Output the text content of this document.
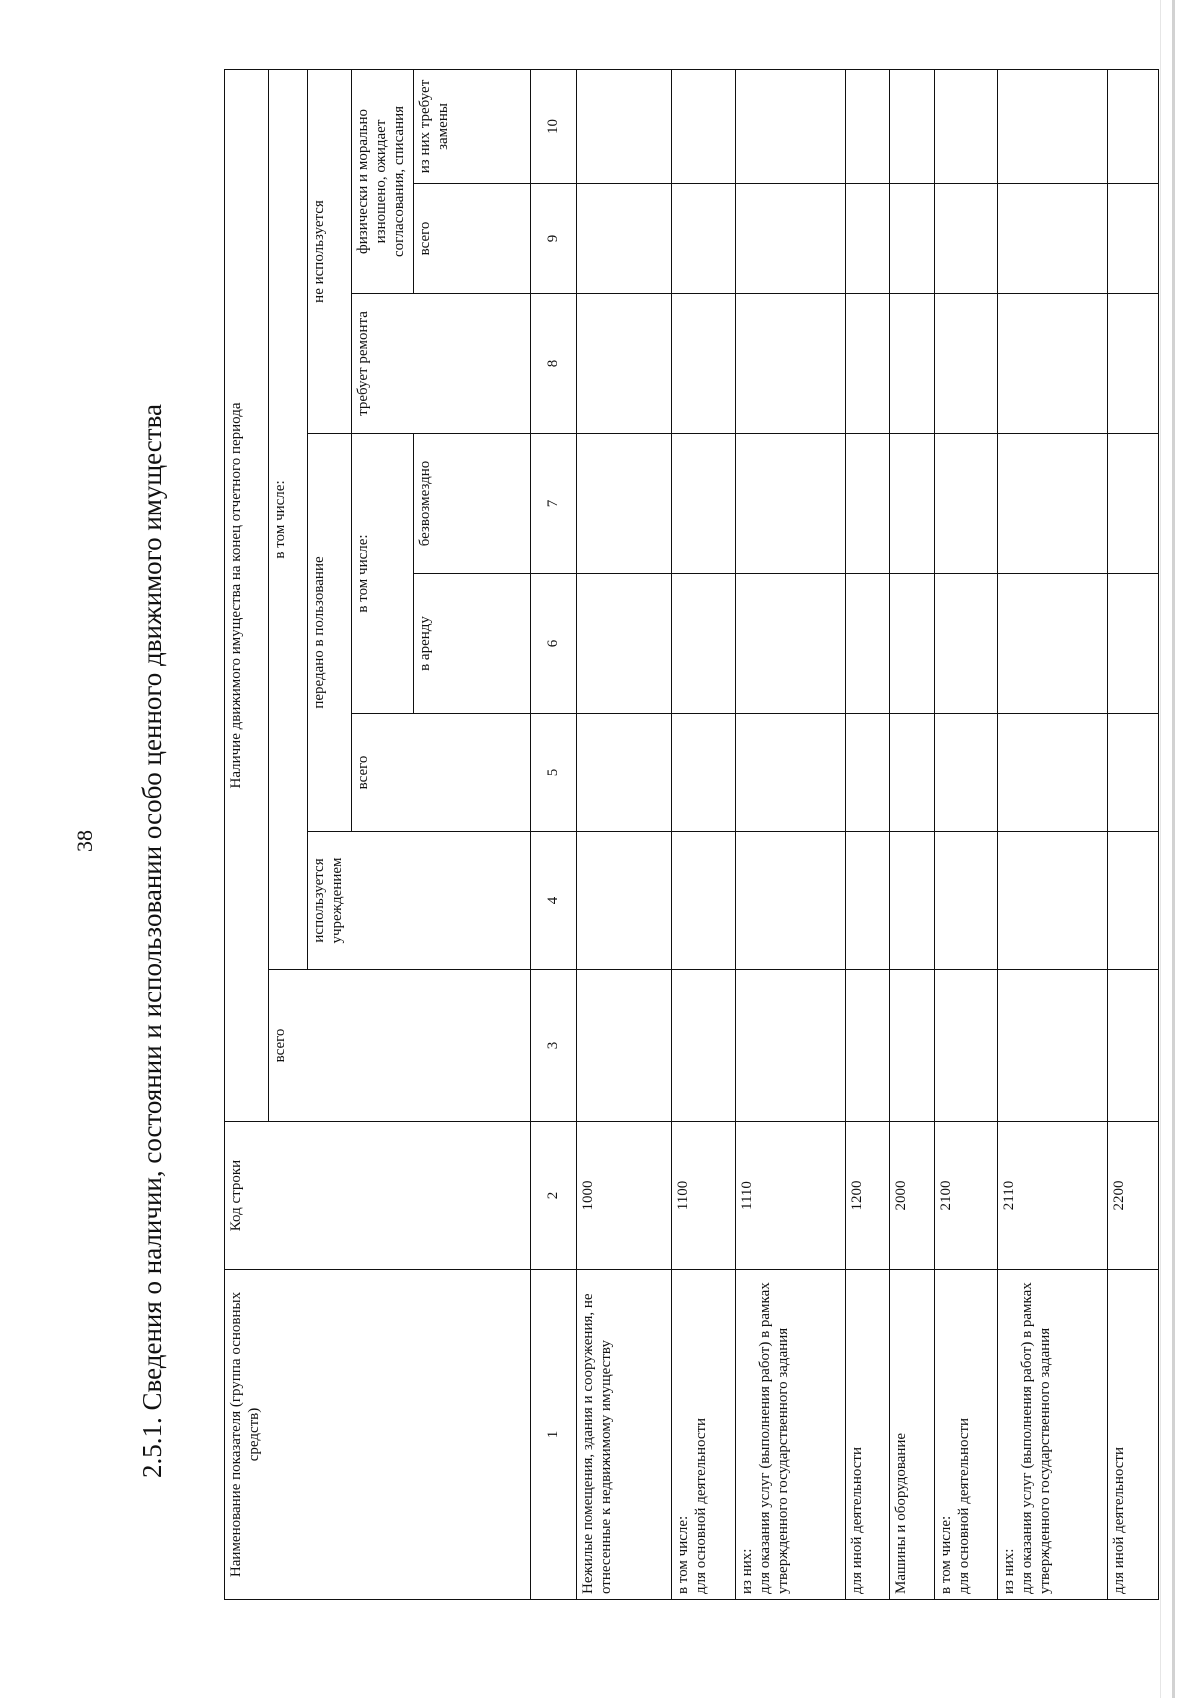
38 2.5.1. Сведения о наличии, состоянии и использовании особо ценного движимого имущества	Наименование показателя (группа основных средств)	Код строки	Наличие движимого имущества на конец отчетного периода							
		всего	в том числе:						
			используется учреждением	передано в пользование			не используется		
				всего	в том числе:		требует ремонта	физически и морально изношено, ожидает согласования, списания	
					в аренду	безвозмездно		всего	из них требует замены
1	2	3	4	5	6	7	8	9	10
Нежилые помещения, здания и сооружения, не отнесенные к недвижимому имуществу	1000								
в том числе:
для основной деятельности	1100								
из них:
для оказания услуг (выполнения работ) в рамках утвержденного государственного задания	1110								
для иной деятельности	1200								
Машины и оборудование	2000								
в том числе:
для основной деятельности	2100								
из них:
для оказания услуг (выполнения работ) в рамках утвержденного государственного задания	2110								
для иной деятельности	2200								
